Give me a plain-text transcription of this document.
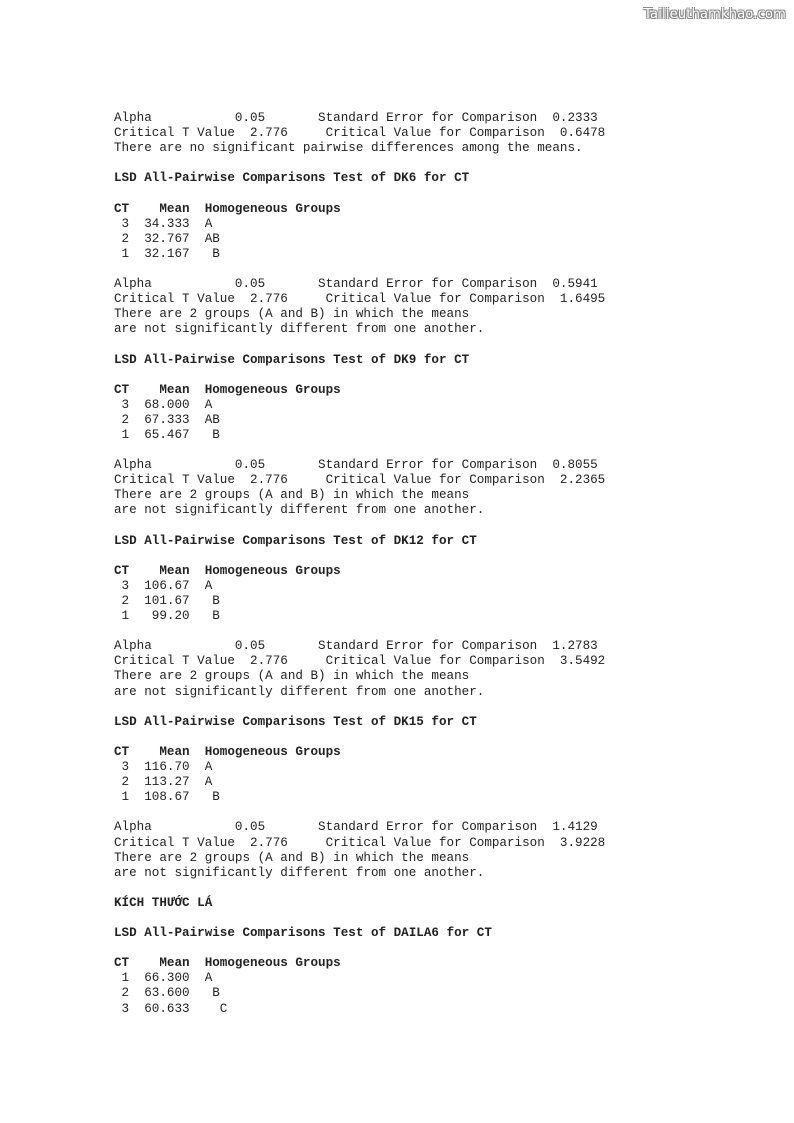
Tailieuthamkhao.com
Alpha           0.05       Standard Error for Comparison  0.2333
Critical T Value  2.776     Critical Value for Comparison  0.6478
There are no significant pairwise differences among the means.
LSD All-Pairwise Comparisons Test of DK6 for CT
CT    Mean  Homogeneous Groups
3  34.333  A
2  32.767  AB
1  32.167   B
Alpha           0.05       Standard Error for Comparison  0.5941
Critical T Value  2.776     Critical Value for Comparison  1.6495
There are 2 groups (A and B) in which the means
are not significantly different from one another.
LSD All-Pairwise Comparisons Test of DK9 for CT
CT    Mean  Homogeneous Groups
3  68.000  A
2  67.333  AB
1  65.467   B
Alpha           0.05       Standard Error for Comparison  0.8055
Critical T Value  2.776     Critical Value for Comparison  2.2365
There are 2 groups (A and B) in which the means
are not significantly different from one another.
LSD All-Pairwise Comparisons Test of DK12 for CT
CT    Mean  Homogeneous Groups
3  106.67  A
2  101.67   B
1   99.20   B
Alpha           0.05       Standard Error for Comparison  1.2783
Critical T Value  2.776     Critical Value for Comparison  3.5492
There are 2 groups (A and B) in which the means
are not significantly different from one another.
LSD All-Pairwise Comparisons Test of DK15 for CT
CT    Mean  Homogeneous Groups
3  116.70  A
2  113.27  A
1  108.67   B
Alpha           0.05       Standard Error for Comparison  1.4129
Critical T Value  2.776     Critical Value for Comparison  3.9228
There are 2 groups (A and B) in which the means
are not significantly different from one another.
KÍCH THƯỚC LÁ
LSD All-Pairwise Comparisons Test of DAILA6 for CT
CT    Mean  Homogeneous Groups
1  66.300  A
2  63.600   B
3  60.633    C
